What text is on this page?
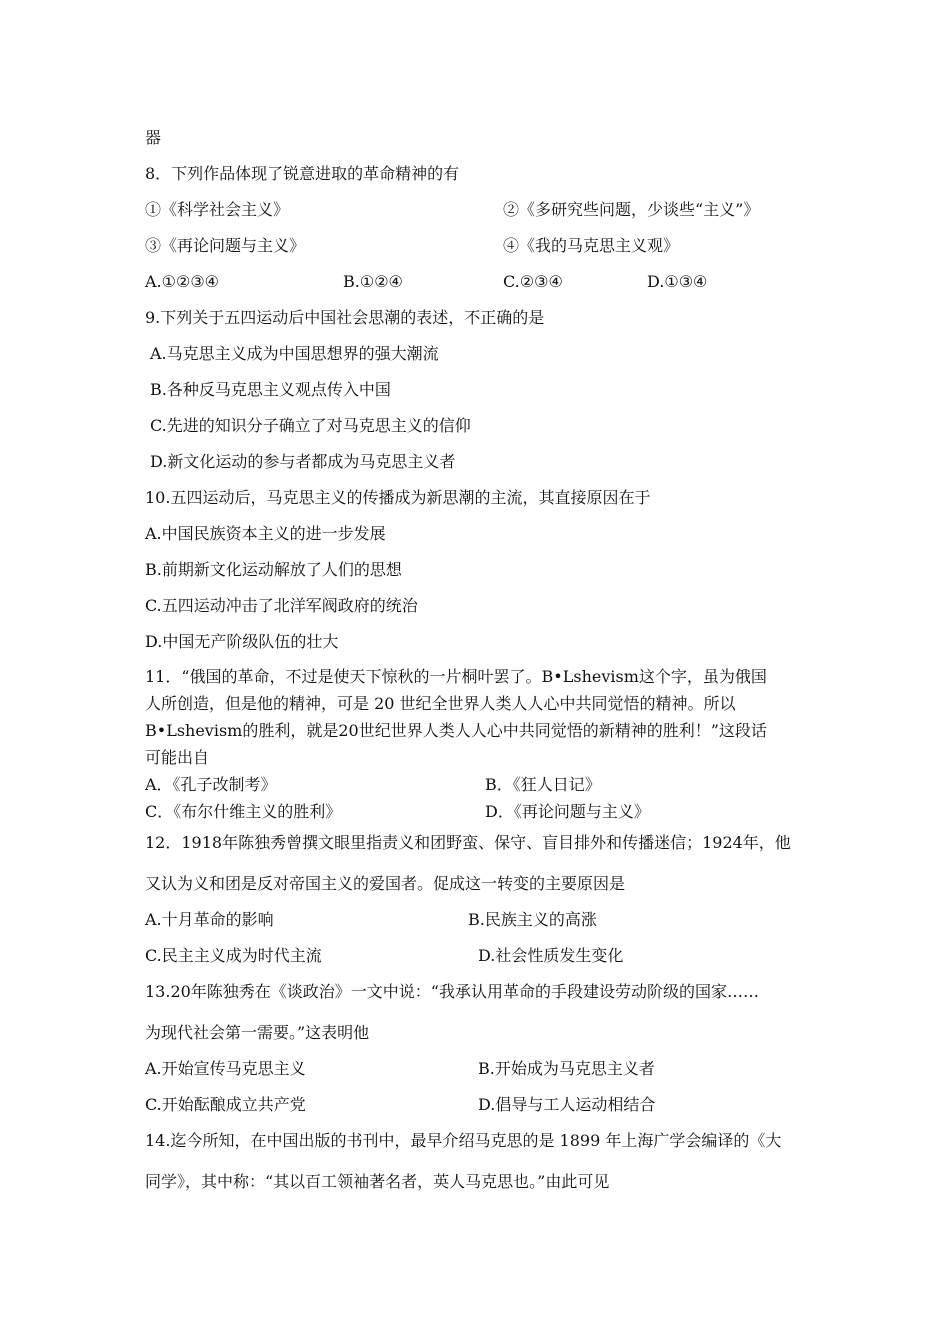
器
8．下列作品体现了锐意进取的革命精神的有
①《科学社会主义》	②《多研究些问题，少谈些“主义”》
③《再论问题与主义》	④《我的马克思主义观》
A.①②③④	B.①②④	C.②③④	D.①③④
9.下列关于五四运动后中国社会思潮的表述，不正确的是
A.马克思主义成为中国思想界的强大潮流
B.各种反马克思主义观点传入中国
C.先进的知识分子确立了对马克思主义的信仰
D.新文化运动的参与者都成为马克思主义者
10.五四运动后，马克思主义的传播成为新思潮的主流，其直接原因在于
A.中国民族资本主义的进一步发展
B.前期新文化运动解放了人们的思想
C.五四运动冲击了北洋军阀政府的统治
D.中国无产阶级队伍的壮大
11．“俄国的革命，不过是使天下惊秋的一片桐叶罢了。B•Lshevism这个字，虽为俄国
人所创造，但是他的精神，可是 20 世纪全世界人类人人心中共同觉悟的精神。所以
B•Lshevism的胜利，就是20世纪世界人类人人心中共同觉悟的新精神的胜利！”这段话
可能出自
A．《孔子改制考》	B．《狂人日记》
C．《布尔什维主义的胜利》	D．《再论问题与主义》
12．1918年陈独秀曾撰文眼里指责义和团野蛮、保守、盲目排外和传播迷信；1924年，他
又认为义和团是反对帝国主义的爱国者。促成这一转变的主要原因是
A.十月革命的影响	B.民族主义的高涨
C.民主主义成为时代主流	D.社会性质发生变化
13.20年陈独秀在《谈政治》一文中说：“我承认用革命的手段建设劳动阶级的国家……
为现代社会第一需要。”这表明他
A.开始宣传马克思主义	B.开始成为马克思主义者
C.开始酝酿成立共产党	D.倡导与工人运动相结合
14.迄今所知，在中国出版的书刊中，最早介绍马克思的是 1899 年上海广学会编译的《大
同学》，其中称：“其以百工领袖著名者，英人马克思也。”由此可见
